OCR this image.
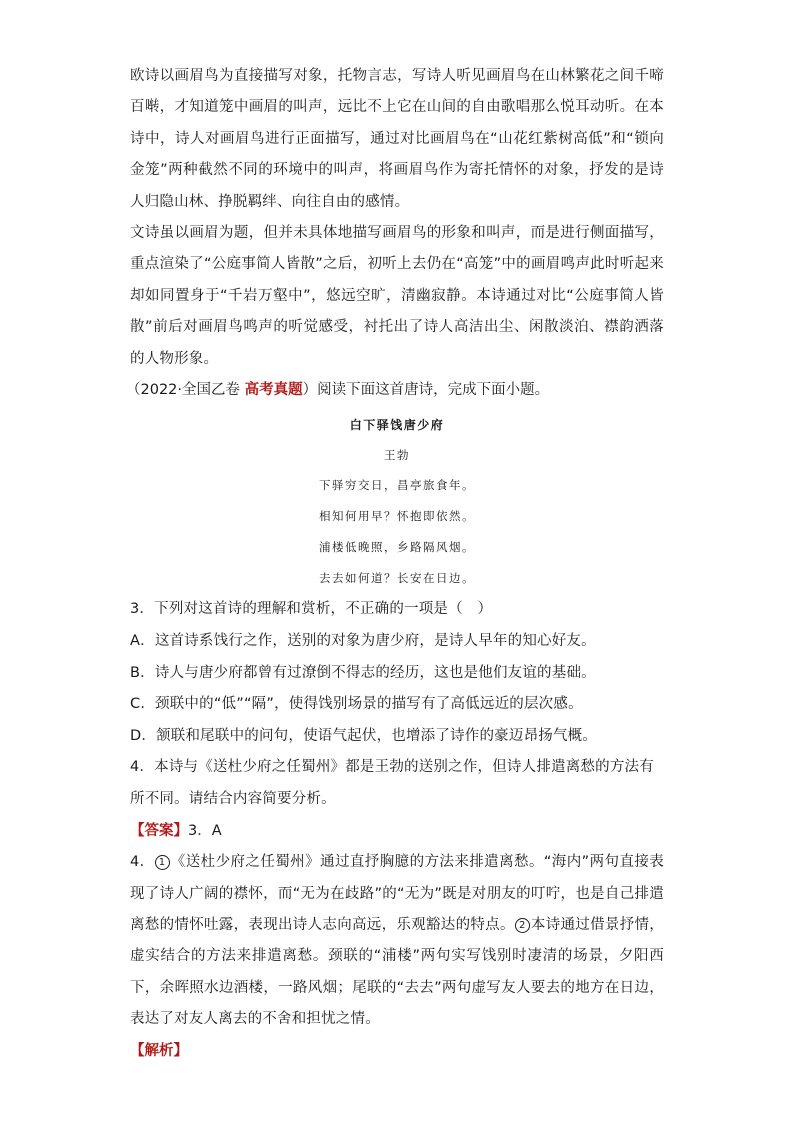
欧诗以画眉鸟为直接描写对象，托物言志，写诗人听见画眉鸟在山林繁花之间千啼百啭，才知道笼中画眉的叫声，远比不上它在山间的自由歌唱那么悦耳动听。在本诗中，诗人对画眉鸟进行正面描写，通过对比画眉鸟在“山花红紫树高低”和“锁向金笼”两种截然不同的环境中的叫声，将画眉鸟作为寄托情怀的对象，抒发的是诗人归隐山林、挣脱羁绊、向往自由的感情。

文诗虽以画眉为题，但并未具体地描写画眉鸟的形象和叫声，而是进行侧面描写，重点渲染了“公庭事简人皆散”之后，初听上去仍在“高笼”中的画眉鸣声此时听起来却如同置身于“千岩万壑中”，悠远空旷，清幽寂静。本诗通过对比“公庭事简人皆散”前后对画眉鸟鸣声的听觉感受，衬托出了诗人高洁出尘、闲散淡泊、襟韵洒落的人物形象。

（2022·全国乙卷 高考真题）阅读下面这首唐诗，完成下面小题。

白下驿饯唐少府
王勃
下驿穷交日，昌亭旅食年。
相知何用早？怀抱即依然。
浦楼低晚照，乡路隔风烟。
去去如何道？长安在日边。

3．下列对这首诗的理解和赏析，不正确的一项是（　）

A．这首诗系饯行之作，送别的对象为唐少府，是诗人早年的知心好友。

B．诗人与唐少府都曾有过潦倒不得志的经历，这也是他们友谊的基础。

C．颈联中的“低”“隔”，使得饯别场景的描写有了高低远近的层次感。

D．颔联和尾联中的问句，使语气起伏，也增添了诗作的豪迈昂扬气概。

4．本诗与《送杜少府之任蜀州》都是王勃的送别之作，但诗人排遣离愁的方法有所不同。请结合内容简要分析。

【答案】3．A

4． 1 《送杜少府之任蜀州》通过直抒胸臆的方法来排遣离愁。“海内”两句直接表现了诗人广阔的襟怀，而“无为在歧路”的“无为”既是对朋友的叮咛，也是自己排遣离愁的情怀吐露，表现出诗人志向高远，乐观豁达的特点。 2 本诗通过借景抒情，虚实结合的方法来排遣离愁。颈联的“浦楼”两句实写饯别时凄清的场景，夕阳西下，余晖照水边酒楼，一路风烟；尾联的“去去”两句虚写友人要去的地方在日边，表达了对友人离去的不舍和担忧之情。

【解析】
